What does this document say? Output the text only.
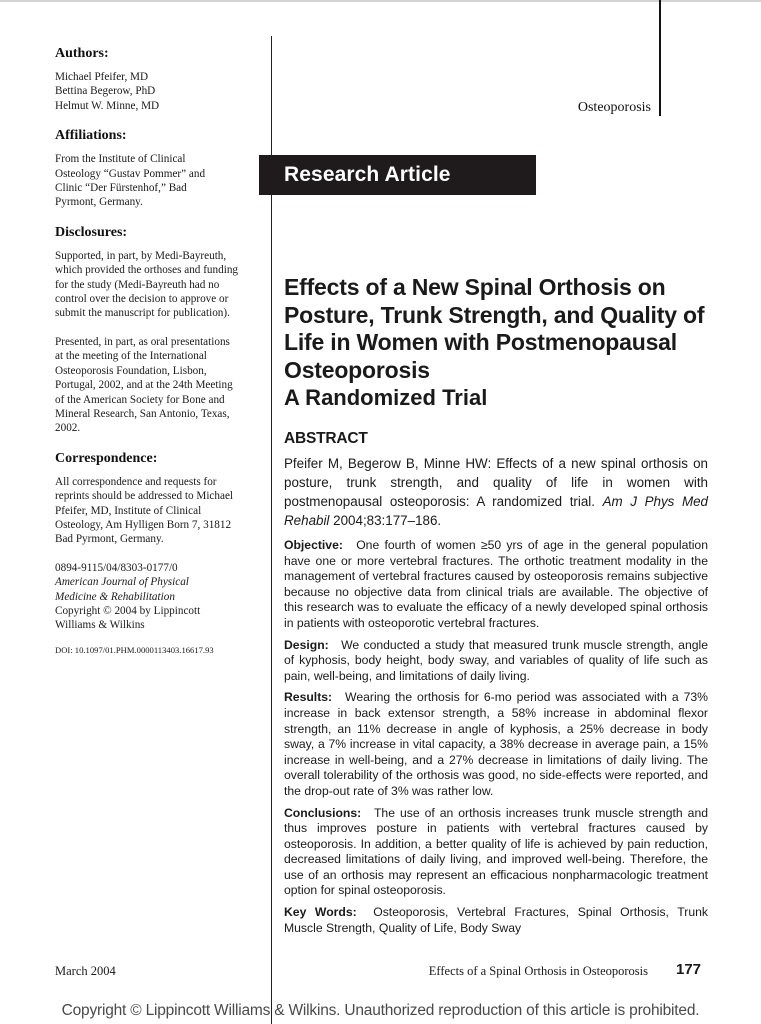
Authors:

Michael Pfeifer, MD

Bettina Begerow, PhD

Helmut W. Minne, MD

Affiliations:

From the Institute of Clinical Osteology “Gustav Pommer” and Clinic “Der Fürstenhof,” Bad Pyrmont, Germany.

Disclosures:

Supported, in part, by Medi-Bayreuth, which provided the orthoses and funding for the study (Medi-Bayreuth had no control over the decision to approve or submit the manuscript for publication).

Presented, in part, as oral presentations at the meeting of the International Osteoporosis Foundation, Lisbon, Portugal, 2002, and at the 24th Meeting of the American Society for Bone and Mineral Research, San Antonio, Texas, 2002.

Correspondence:

All correspondence and requests for reprints should be addressed to Michael Pfeifer, MD, Institute of Clinical Osteology, Am Hylligen Born 7, 31812 Bad Pyrmont, Germany.

0894-9115/04/8303-0177/0

American Journal of Physical Medicine & Rehabilitation

Copyright © 2004 by Lippincott Williams & Wilkins

DOI: 10.1097/01.PHM.0000113403.16617.93

Osteoporosis
Research Article
Effects of a New Spinal Orthosis on Posture, Trunk Strength, and Quality of Life in Women with Postmenopausal Osteoporosis
A Randomized Trial
ABSTRACT

Pfeifer M, Begerow B, Minne HW: Effects of a new spinal orthosis on posture, trunk strength, and quality of life in women with postmenopausal osteoporosis: A randomized trial. Am J Phys Med Rehabil 2004;83:177–186.

Objective: One fourth of women ≥50 yrs of age in the general population have one or more vertebral fractures. The orthotic treatment modality in the management of vertebral fractures caused by osteoporosis remains subjective because no objective data from clinical trials are available. The objective of this research was to evaluate the efficacy of a newly developed spinal orthosis in patients with osteoporotic vertebral fractures.

Design: We conducted a study that measured trunk muscle strength, angle of kyphosis, body height, body sway, and variables of quality of life such as pain, well-being, and limitations of daily living.

Results: Wearing the orthosis for 6-mo period was associated with a 73% increase in back extensor strength, a 58% increase in abdominal flexor strength, an 11% decrease in angle of kyphosis, a 25% decrease in body sway, a 7% increase in vital capacity, a 38% decrease in average pain, a 15% increase in well-being, and a 27% decrease in limitations of daily living. The overall tolerability of the orthosis was good, no side-effects were reported, and the drop-out rate of 3% was rather low.

Conclusions: The use of an orthosis increases trunk muscle strength and thus improves posture in patients with vertebral fractures caused by osteoporosis. In addition, a better quality of life is achieved by pain reduction, decreased limitations of daily living, and improved well-being. Therefore, the use of an orthosis may represent an efficacious nonpharmacologic treatment option for spinal osteoporosis.

Key Words: Osteoporosis, Vertebral Fractures, Spinal Orthosis, Trunk Muscle Strength, Quality of Life, Body Sway

March 2004	Effects of a Spinal Orthosis in Osteoporosis 177
Copyright © Lippincott Williams & Wilkins. Unauthorized reproduction of this article is prohibited.
